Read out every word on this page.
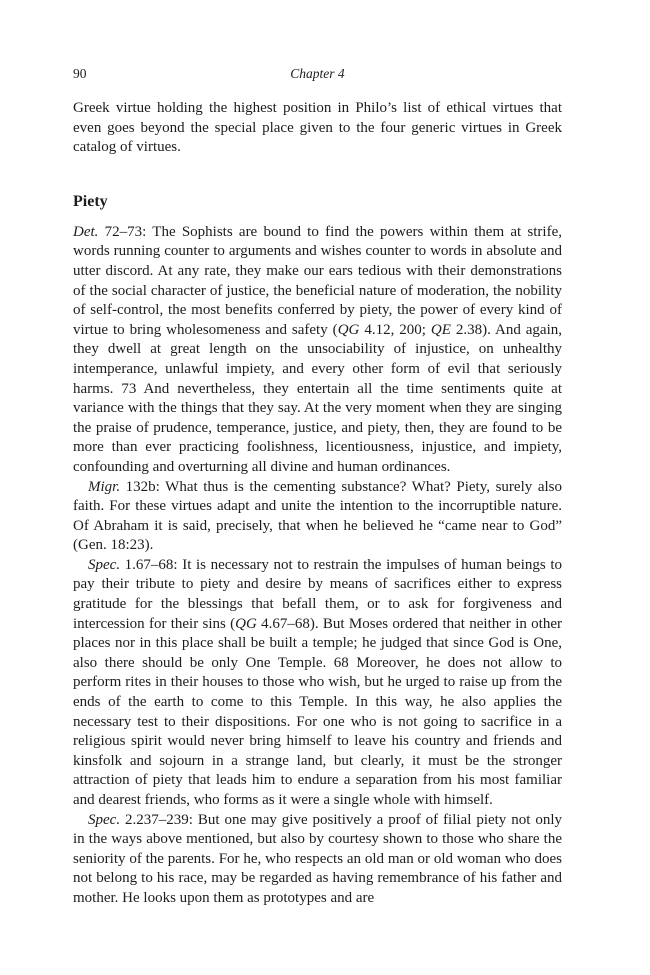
90	Chapter 4

Greek virtue holding the highest position in Philo’s list of ethical virtues that even goes beyond the special place given to the four generic virtues in Greek catalog of virtues.

Piety

Det. 72–73: The Sophists are bound to find the powers within them at strife, words running counter to arguments and wishes counter to words in absolute and utter discord. At any rate, they make our ears tedious with their demonstrations of the social character of justice, the beneficial nature of moderation, the nobility of self-control, the most benefits conferred by piety, the power of every kind of virtue to bring wholesomeness and safety (QG 4.12, 200; QE 2.38). And again, they dwell at great length on the unsociability of injustice, on unhealthy intemperance, unlawful impiety, and every other form of evil that seriously harms. 73 And nevertheless, they entertain all the time sentiments quite at variance with the things that they say. At the very moment when they are singing the praise of prudence, temperance, justice, and piety, then, they are found to be more than ever practicing foolishness, licentiousness, injustice, and impiety, confounding and overturning all divine and human ordinances.

Migr. 132b: What thus is the cementing substance? What? Piety, surely also faith. For these virtues adapt and unite the intention to the incorruptible nature. Of Abraham it is said, precisely, that when he believed he “came near to God” (Gen. 18:23).

Spec. 1.67–68: It is necessary not to restrain the impulses of human beings to pay their tribute to piety and desire by means of sacrifices either to express gratitude for the blessings that befall them, or to ask for forgiveness and intercession for their sins (QG 4.67–68). But Moses ordered that neither in other places nor in this place shall be built a temple; he judged that since God is One, also there should be only One Temple. 68 Moreover, he does not allow to perform rites in their houses to those who wish, but he urged to raise up from the ends of the earth to come to this Temple. In this way, he also applies the necessary test to their dispositions. For one who is not going to sacrifice in a religious spirit would never bring himself to leave his country and friends and kinsfolk and sojourn in a strange land, but clearly, it must be the stronger attraction of piety that leads him to endure a separation from his most familiar and dearest friends, who forms as it were a single whole with himself.

Spec. 2.237–239: But one may give positively a proof of filial piety not only in the ways above mentioned, but also by courtesy shown to those who share the seniority of the parents. For he, who respects an old man or old woman who does not belong to his race, may be regarded as having remembrance of his father and mother. He looks upon them as prototypes and are
